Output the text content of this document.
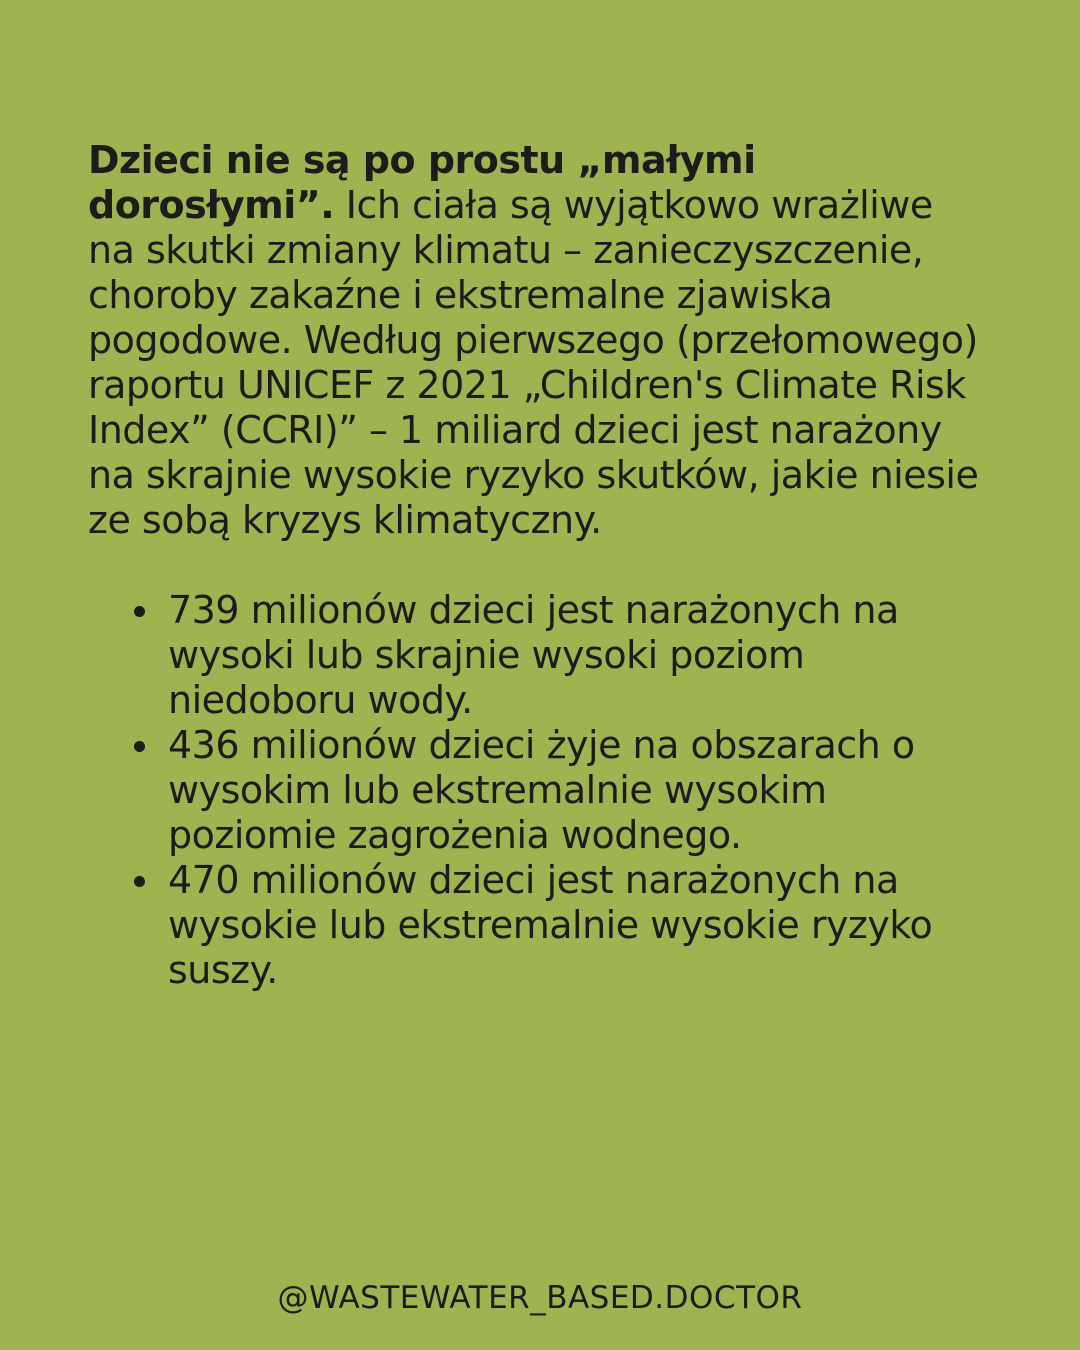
Dzieci nie są po prostu „małymi dorosłymi”. Ich ciała są wyjątkowo wrażliwe na skutki zmiany klimatu – zanieczyszczenie, choroby zakaźne i ekstremalne zjawiska pogodowe. Według pierwszego (przełomowego) raportu UNICEF z 2021 „Children's Climate Risk Index” (CCRI)” – 1 miliard dzieci jest narażony na skrajnie wysokie ryzyko skutków, jakie niesie ze sobą kryzys klimatyczny.

739 milionów dzieci jest narażonych na wysoki lub skrajnie wysoki poziom niedoboru wody.
436 milionów dzieci żyje na obszarach o wysokim lub ekstremalnie wysokim poziomie zagrożenia wodnego.
470 milionów dzieci jest narażonych na wysokie lub ekstremalnie wysokie ryzyko suszy.
@WASTEWATER_BASED.DOCTOR
